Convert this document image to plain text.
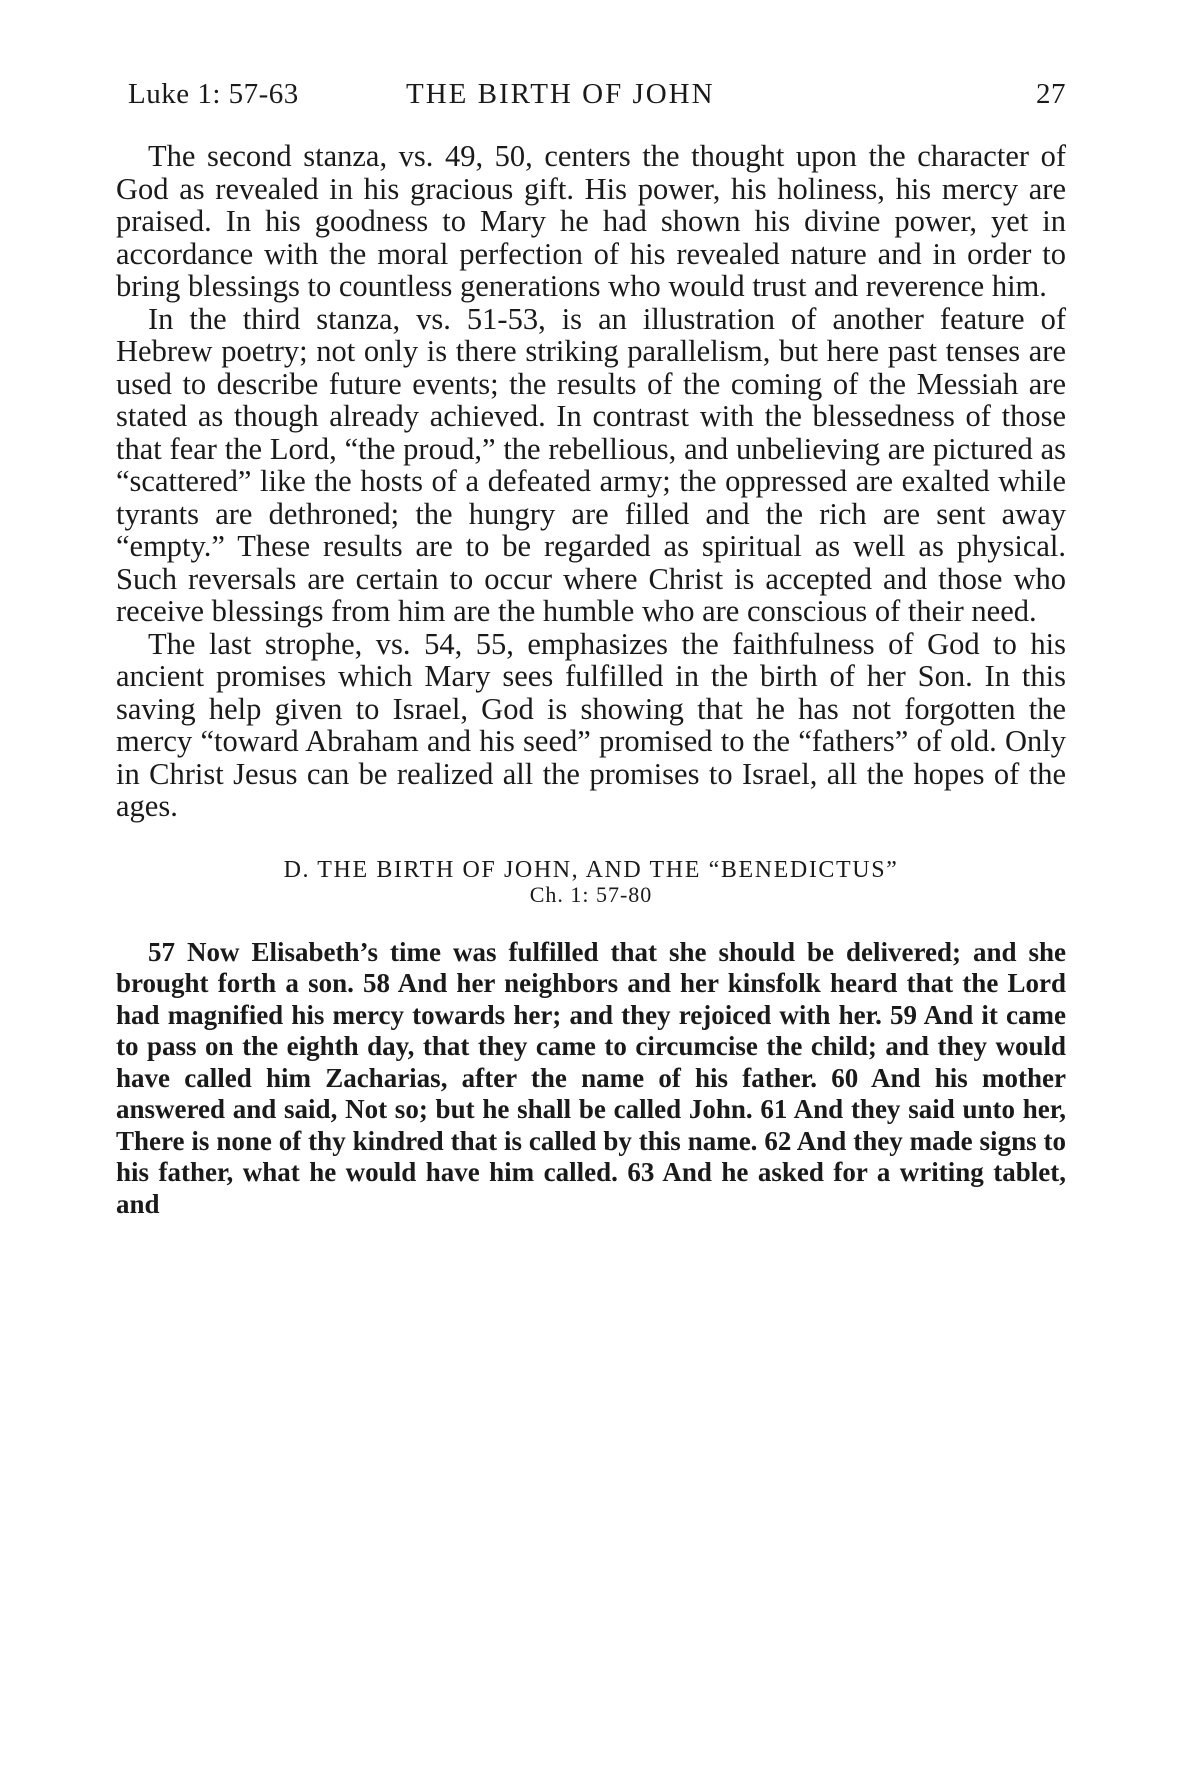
Luke 1: 57-63	THE BIRTH OF JOHN	27

The second stanza, vs. 49, 50, centers the thought upon the character of God as revealed in his gracious gift. His power, his holiness, his mercy are praised. In his goodness to Mary he had shown his divine power, yet in accordance with the moral perfection of his revealed nature and in order to bring blessings to countless generations who would trust and reverence him.

In the third stanza, vs. 51-53, is an illustration of another feature of Hebrew poetry; not only is there striking parallelism, but here past tenses are used to describe future events; the results of the coming of the Messiah are stated as though already achieved. In contrast with the blessedness of those that fear the Lord, “the proud,” the rebellious, and unbelieving are pictured as “scattered” like the hosts of a defeated army; the oppressed are exalted while tyrants are dethroned; the hungry are filled and the rich are sent away “empty.” These results are to be regarded as spiritual as well as physical. Such reversals are certain to occur where Christ is accepted and those who receive blessings from him are the humble who are conscious of their need.

The last strophe, vs. 54, 55, emphasizes the faithfulness of God to his ancient promises which Mary sees fulfilled in the birth of her Son. In this saving help given to Israel, God is showing that he has not forgotten the mercy “toward Abraham and his seed” promised to the “fathers” of old. Only in Christ Jesus can be realized all the promises to Israel, all the hopes of the ages.

D. THE BIRTH OF JOHN, AND THE “BENEDICTUS”
Ch. 1: 57-80
57 Now Elisabeth’s time was fulfilled that she should be delivered; and she brought forth a son. 58 And her neighbors and her kinsfolk heard that the Lord had magnified his mercy towards her; and they rejoiced with her. 59 And it came to pass on the eighth day, that they came to circumcise the child; and they would have called him Zacharias, after the name of his father. 60 And his mother answered and said, Not so; but he shall be called John. 61 And they said unto her, There is none of thy kindred that is called by this name. 62 And they made signs to his father, what he would have him called. 63 And he asked for a writing tablet, and
